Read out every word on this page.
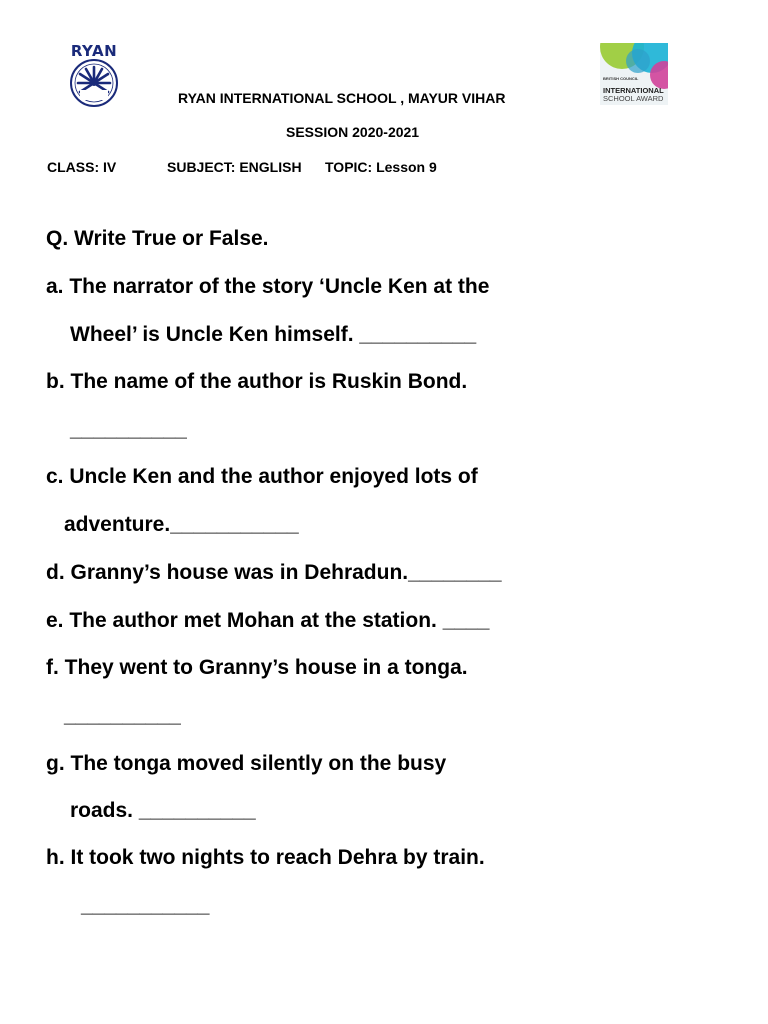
RYAN
BRITISH COUNCIL
INTERNATIONAL
SCHOOL AWARD
RYAN INTERNATIONAL SCHOOL , MAYUR VIHAR
SESSION 2020-2021
CLASS: IV	SUBJECT: ENGLISH TOPIC: Lesson 9
Q. Write True or False.
a. The narrator of the story ‘Uncle Ken at the
Wheel’ is Uncle Ken himself. __________
b. The name of the author is Ruskin Bond.
__________
c. Uncle Ken and the author enjoyed lots of
adventure.___________
d. Granny’s house was in Dehradun.________
e. The author met Mohan at the station. ____
f. They went to Granny’s house in a tonga.
__________
g. The tonga moved silently on the busy
roads. __________
h. It took two nights to reach Dehra by train.
___________
